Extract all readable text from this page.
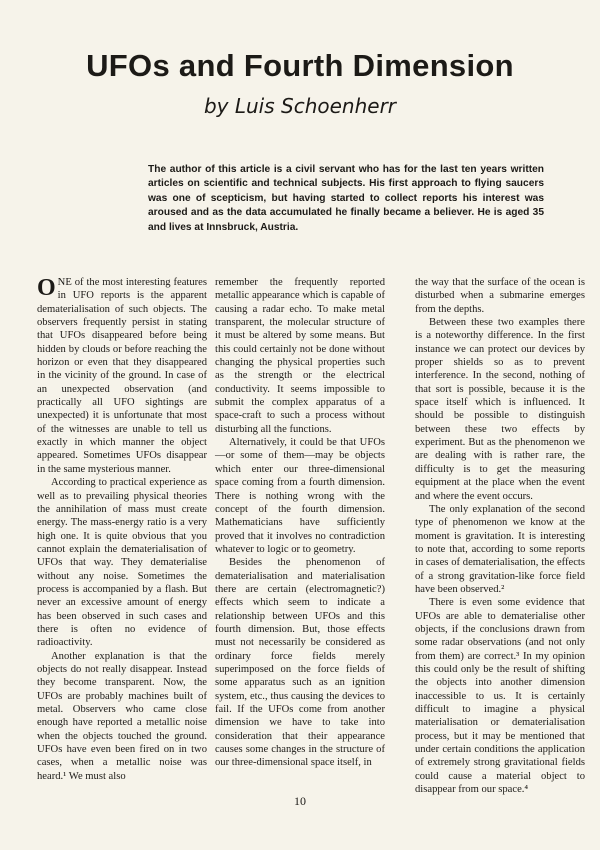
UFOs and Fourth Dimension
by Luis Schoenherr

The author of this article is a civil servant who has for the last ten years written articles on scientific and technical subjects. His first approach to flying saucers was one of scepticism, but having started to collect reports his interest was aroused and as the data accumulated he finally became a believer. He is aged 35 and lives at Innsbruck, Austria.

ONE of the most interesting features in UFO reports is the apparent dematerialisation of such objects. The observers frequently persist in stating that UFOs disappeared before being hidden by clouds or before reaching the horizon or even that they disappeared in the vicinity of the ground. In case of an unexpected observation (and practically all UFO sightings are unexpected) it is unfortunate that most of the witnesses are unable to tell us exactly in which manner the object appeared. Sometimes UFOs disappear in the same mysterious manner.

According to practical experience as well as to prevailing physical theories the annihilation of mass must create energy. The mass-energy ratio is a very high one. It is quite obvious that you cannot explain the dematerialisation of UFOs that way. They dematerialise without any noise. Sometimes the process is accompanied by a flash. But never an excessive amount of energy has been observed in such cases and there is often no evidence of radioactivity.

Another explanation is that the objects do not really disappear. Instead they become transparent. Now, the UFOs are probably machines built of metal. Observers who came close enough have reported a metallic noise when the objects touched the ground. UFOs have even been fired on in two cases, when a metallic noise was heard.¹ We must also

remember the frequently reported metallic appearance which is capable of causing a radar echo. To make metal transparent, the molecular structure of it must be altered by some means. But this could certainly not be done without changing the physical properties such as the strength or the electrical conductivity. It seems impossible to submit the complex apparatus of a space-craft to such a process without disturbing all the functions.

Alternatively, it could be that UFOs—or some of them—may be objects which enter our three-dimensional space coming from a fourth dimension. There is nothing wrong with the concept of the fourth dimension. Mathematicians have sufficiently proved that it involves no contradiction whatever to logic or to geometry.

Besides the phenomenon of dematerialisation and materialisation there are certain (electromagnetic?) effects which seem to indicate a relationship between UFOs and this fourth dimension. But, those effects must not necessarily be considered as ordinary force fields merely superimposed on the force fields of some apparatus such as an ignition system, etc., thus causing the devices to fail. If the UFOs come from another dimension we have to take into consideration that their appearance causes some changes in the structure of our three-dimensional space itself, in

the way that the surface of the ocean is disturbed when a submarine emerges from the depths.

Between these two examples there is a noteworthy difference. In the first instance we can protect our devices by proper shields so as to prevent interference. In the second, nothing of that sort is possible, because it is the space itself which is influenced. It should be possible to distinguish between these two effects by experiment. But as the phenomenon we are dealing with is rather rare, the difficulty is to get the measuring equipment at the place when the event and where the event occurs.

The only explanation of the second type of phenomenon we know at the moment is gravitation. It is interesting to note that, according to some reports in cases of dematerialisation, the effects of a strong gravitation-like force field have been observed.²

There is even some evidence that UFOs are able to dematerialise other objects, if the conclusions drawn from some radar observations (and not only from them) are correct.³ In my opinion this could only be the result of shifting the objects into another dimension inaccessible to us. It is certainly difficult to imagine a physical materialisation or dematerialisation process, but it may be mentioned that under certain conditions the application of extremely strong gravitational fields could cause a material object to disappear from our space.⁴

10
